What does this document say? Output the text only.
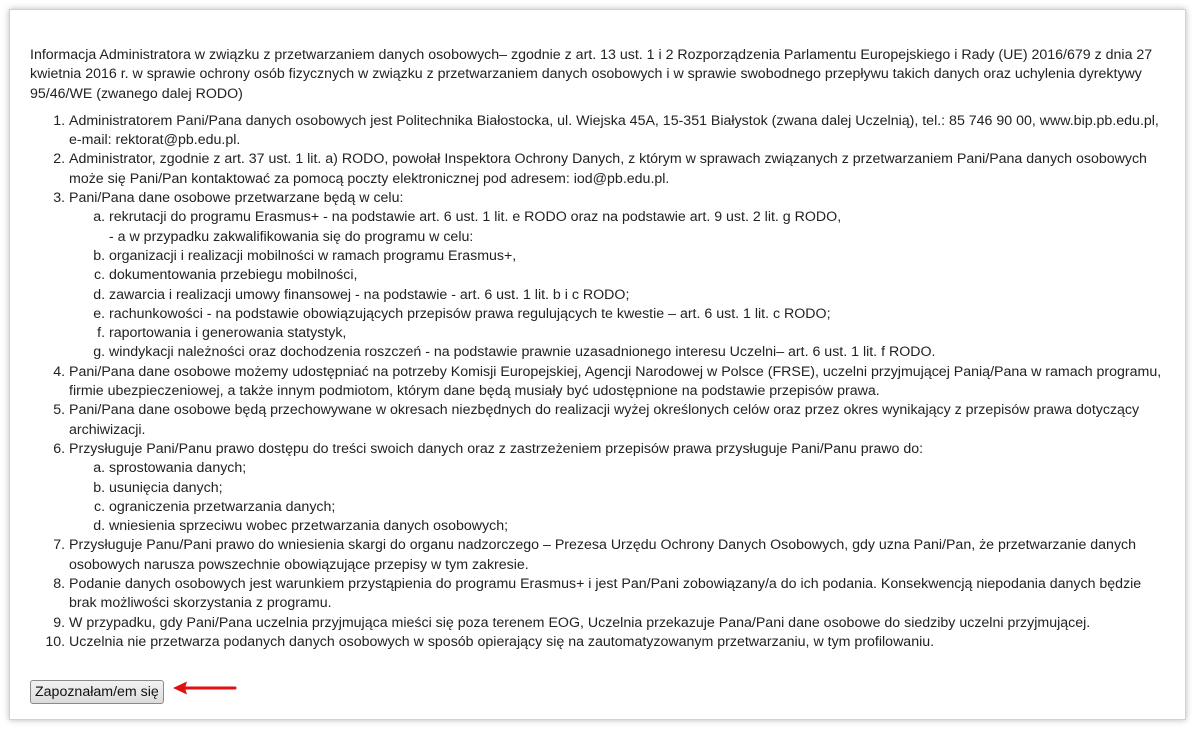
Informacja Administratora w związku z przetwarzaniem danych osobowych– zgodnie z art. 13 ust. 1 i 2 Rozporządzenia Parlamentu Europejskiego i Rady (UE) 2016/679 z dnia 27 kwietnia 2016 r. w sprawie ochrony osób fizycznych w związku z przetwarzaniem danych osobowych i w sprawie swobodnego przepływu takich danych oraz uchylenia dyrektywy 95/46/WE (zwanego dalej RODO)

1. Administratorem Pani/Pana danych osobowych jest Politechnika Białostocka, ul. Wiejska 45A, 15-351 Białystok (zwana dalej Uczelnią), tel.: 85 746 90 00, www.bip.pb.edu.pl, e-mail: rektorat@pb.edu.pl.
2. Administrator, zgodnie z art. 37 ust. 1 lit. a) RODO, powołał Inspektora Ochrony Danych, z którym w sprawach związanych z przetwarzaniem Pani/Pana danych osobowych może się Pani/Pan kontaktować za pomocą poczty elektronicznej pod adresem: iod@pb.edu.pl.
3. Pani/Pana dane osobowe przetwarzane będą w celu:
a. rekrutacji do programu Erasmus+ - na podstawie art. 6 ust. 1 lit. e RODO oraz na podstawie art. 9 ust. 2 lit. g RODO,
- a w przypadku zakwalifikowania się do programu w celu:
b. organizacji i realizacji mobilności w ramach programu Erasmus+,
c. dokumentowania przebiegu mobilności,
d. zawarcia i realizacji umowy finansowej - na podstawie - art. 6 ust. 1 lit. b i c RODO;
e. rachunkowości - na podstawie obowiązujących przepisów prawa regulujących te kwestie – art. 6 ust. 1 lit. c RODO;
f. raportowania i generowania statystyk,
g. windykacji należności oraz dochodzenia roszczeń - na podstawie prawnie uzasadnionego interesu Uczelni– art. 6 ust. 1 lit. f RODO.
4. Pani/Pana dane osobowe możemy udostępniać na potrzeby Komisji Europejskiej, Agencji Narodowej w Polsce (FRSE), uczelni przyjmującej Panią/Pana w ramach programu, firmie ubezpieczeniowej, a także innym podmiotom, którym dane będą musiały być udostępnione na podstawie przepisów prawa.
5. Pani/Pana dane osobowe będą przechowywane w okresach niezbędnych do realizacji wyżej określonych celów oraz przez okres wynikający z przepisów prawa dotyczący archiwizacji.
6. Przysługuje Pani/Panu prawo dostępu do treści swoich danych oraz z zastrzeżeniem przepisów prawa przysługuje Pani/Panu prawo do:
a. sprostowania danych;
b. usunięcia danych;
c. ograniczenia przetwarzania danych;
d. wniesienia sprzeciwu wobec przetwarzania danych osobowych;
7. Przysługuje Panu/Pani prawo do wniesienia skargi do organu nadzorczego – Prezesa Urzędu Ochrony Danych Osobowych, gdy uzna Pani/Pan, że przetwarzanie danych osobowych narusza powszechnie obowiązujące przepisy w tym zakresie.
8. Podanie danych osobowych jest warunkiem przystąpienia do programu Erasmus+ i jest Pan/Pani zobowiązany/a do ich podania. Konsekwencją niepodania danych będzie brak możliwości skorzystania z programu.
9. W przypadku, gdy Pani/Pana uczelnia przyjmująca mieści się poza terenem EOG, Uczelnia przekazuje Pana/Pani dane osobowe do siedziby uczelni przyjmującej.
10. Uczelnia nie przetwarza podanych danych osobowych w sposób opierający się na zautomatyzowanym przetwarzaniu, w tym profilowaniu.
Zapoznałam/em się
